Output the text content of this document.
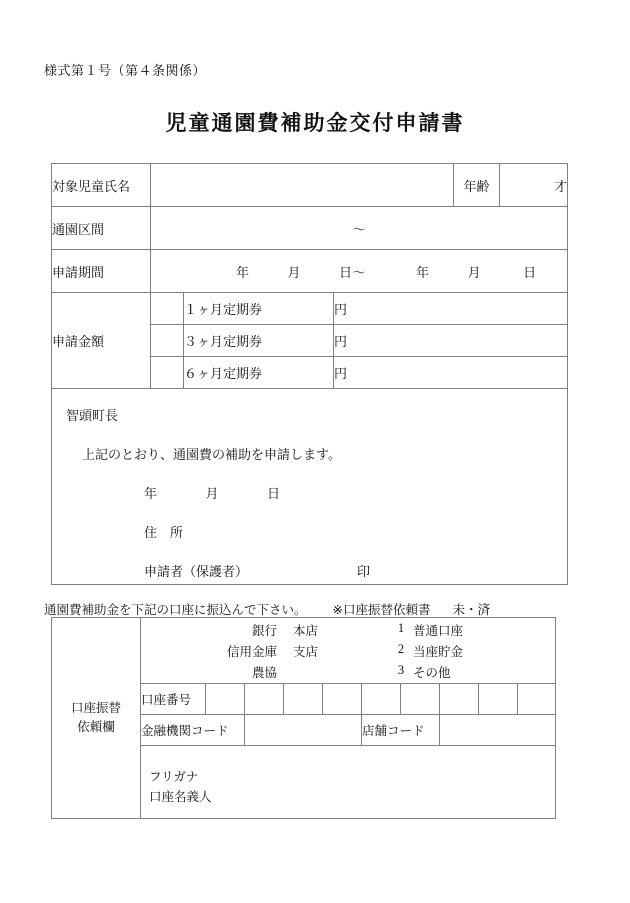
様式第１号（第４条関係）
児童通園費補助金交付申請書
対象児童氏名				年齢	才
通園区間	〜				
申請期間	年 月 日〜 年 月 日				
申請金額		１ヶ月定期券	円		
		３ヶ月定期券	円		
		６ヶ月定期券	円		

智頭町長
上記のとおり、通園費の補助を申請します。
年	月	日
住　所
申請者（保護者）	印
通園費補助金を下記の口座に振込んで下さい。 ※口座振替依頼書 未・済
口座振替
依頼欄

銀行	本店	1 普通口座
信用金庫	支店	2 当座貯金
農協	3 その他

	口座番号									
	金融機関コード					店舗コード				

	フリガナ
口座名義人									
